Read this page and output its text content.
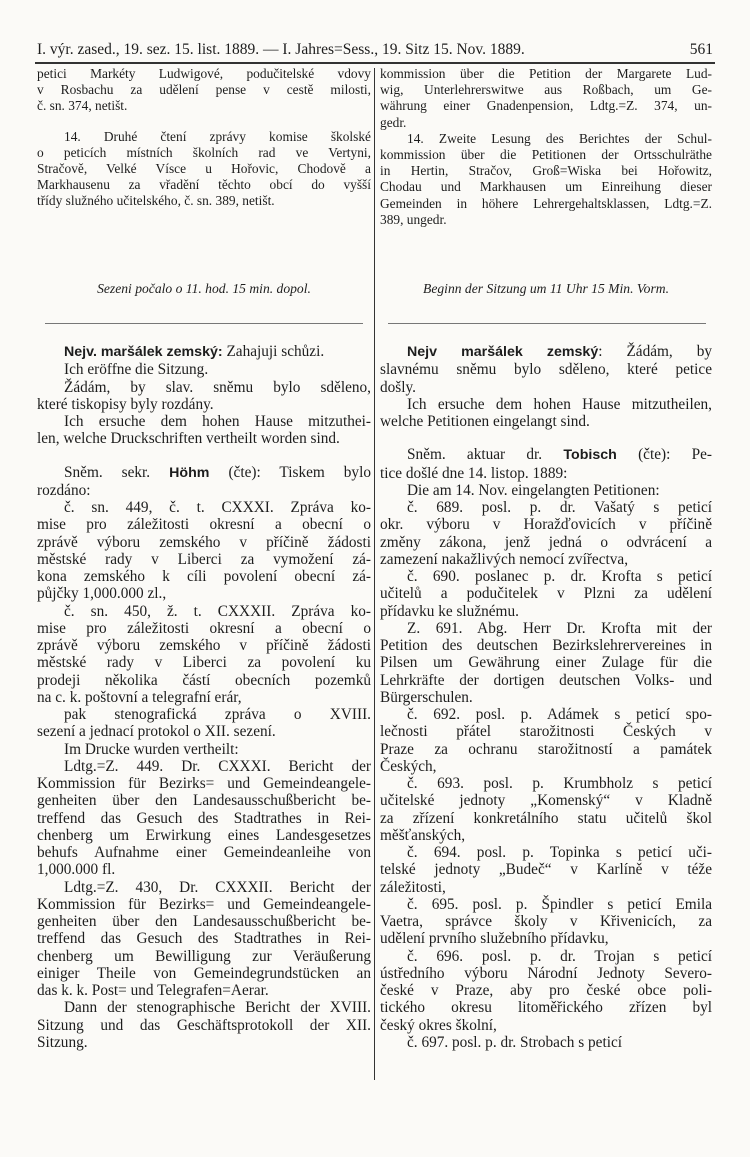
I. výr. zased., 19. sez. 15. list. 1889. — I. Jahres=Sess., 19. Sitz 15. Nov. 1889.	561
petici Markéty Ludwigové, podučitelské vdovy
v Rosbachu za udělení pense v cestě milosti,
č. sn. 374, netišt.
14. Druhé čtení zprávy komise školské
o peticích místních školních rad ve Vertyni,
Stračově, Velké Vísce u Hořovic, Chodově a
Markhausenu za vřadění těchto obcí do vyšší
třídy služného učitelského, č. sn. 389, netišt.
kommission über die Petition der Margarete Lud-
wig, Unterlehrerswitwe aus Roßbach, um Ge-
währung einer Gnadenpension, Ldtg.=Z. 374, un-
gedr.
14. Zweite Lesung des Berichtes der Schul-
kommission über die Petitionen der Ortsschulräthe
in Hertin, Stračov, Groß=Wiska bei Hořowitz,
Chodau und Markhausen um Einreihung dieser
Gemeinden in höhere Lehrergehaltsklassen, Ldtg.=Z.
389, ungedr.
Sezeni počalo o 11. hod. 15 min. dopol.	Beginn der Sitzung um 11 Uhr 15 Min. Vorm.
Nejv. maršálek zemský: Zahajuji schůzi.
Ich eröffne die Sitzung.
Žádám, by slav. sněmu bylo sděleno,
které tiskopisy byly rozdány.
Ich ersuche dem hohen Hause mitzuthei-
len, welche Druckschriften vertheilt worden sind.
Sněm. sekr. Höhm (čte): Tiskem bylo
rozdáno:
č. sn. 449, č. t. CXXXI. Zpráva ko-
mise pro záležitosti okresní a obecní o
zprávě výboru zemského v příčině žádosti
městské rady v Liberci za vymožení zá-
kona zemského k cíli povolení obecní zá-
půjčky 1,000.000 zl.,
č. sn. 450, ž. t. CXXXII. Zpráva ko-
mise pro záležitosti okresní a obecní o
zprávě výboru zemského v příčině žádosti
městské rady v Liberci za povolení ku
prodeji několika částí obecních pozemků
na c. k. poštovní a telegrafní erár,
pak stenografická zpráva o XVIII.
sezení a jednací protokol o XII. sezení.
Im Drucke wurden vertheilt:
Ldtg.=Z. 449. Dr. CXXXI. Bericht der
Kommission für Bezirks= und Gemeindeangele-
genheiten über den Landesausschußbericht be-
treffend das Gesuch des Stadtrathes in Rei-
chenberg um Erwirkung eines Landesgesetzes
behufs Aufnahme einer Gemeindeanleihe von
1,000.000 fl.
Ldtg.=Z. 430, Dr. CXXXII. Bericht der
Kommission für Bezirks= und Gemeindeangele-
genheiten über den Landesausschußbericht be-
treffend das Gesuch des Stadtrathes in Rei-
chenberg um Bewilligung zur Veräußerung
einiger Theile von Gemeindegrundstücken an
das k. k. Post= und Telegrafen=Aerar.
Dann der stenographische Bericht der XVIII.
Sitzung und das Geschäftsprotokoll der XII.
Sitzung.
Nejv maršálek zemský: Žádám, by
slavnému sněmu bylo sděleno, které petice
došly.
Ich ersuche dem hohen Hause mitzutheilen,
welche Petitionen eingelangt sind.
Sněm. aktuar dr. Tobisch (čte): Pe-
tice došlé dne 14. listop. 1889:
Die am 14. Nov. eingelangten Petitionen:
č. 689. posl. p. dr. Vašatý s peticí
okr. výboru v Horažďovicích v příčině
změny zákona, jenž jedná o odvrácení a
zamezení nakažlivých nemocí zvířectva,
č. 690. poslanec p. dr. Krofta s peticí
učitelů a podučitelek v Plzni za udělení
přídavku ke služnému.
Z. 691. Abg. Herr Dr. Krofta mit der
Petition des deutschen Bezirkslehrervereines in
Pilsen um Gewährung einer Zulage für die
Lehrkräfte der dortigen deutschen Volks- und
Bürgerschulen.
č. 692. posl. p. Adámek s peticí spo-
lečnosti přátel starožitnosti Českých v
Praze za ochranu starožitností a památek
Českých,
č. 693. posl. p. Krumbholz s peticí
učitelské jednoty „Komenský“ v Kladně
za zřízení konkretálního statu učitelů škol
měšťanských,
č. 694. posl. p. Topinka s peticí uči-
telské jednoty „Budeč“ v Karlíně v téže
záležitosti,
č. 695. posl. p. Špindler s peticí Emila
Vaetra, správce školy v Křivenicích, za
udělení prvního služebního přídavku,
č. 696. posl. p. dr. Trojan s peticí
ústředního výboru Národní Jednoty Severo-
české v Praze, aby pro české obce poli-
tického okresu litoměřického zřízen byl
český okres školní,
č. 697. posl. p. dr. Strobach s peticí
